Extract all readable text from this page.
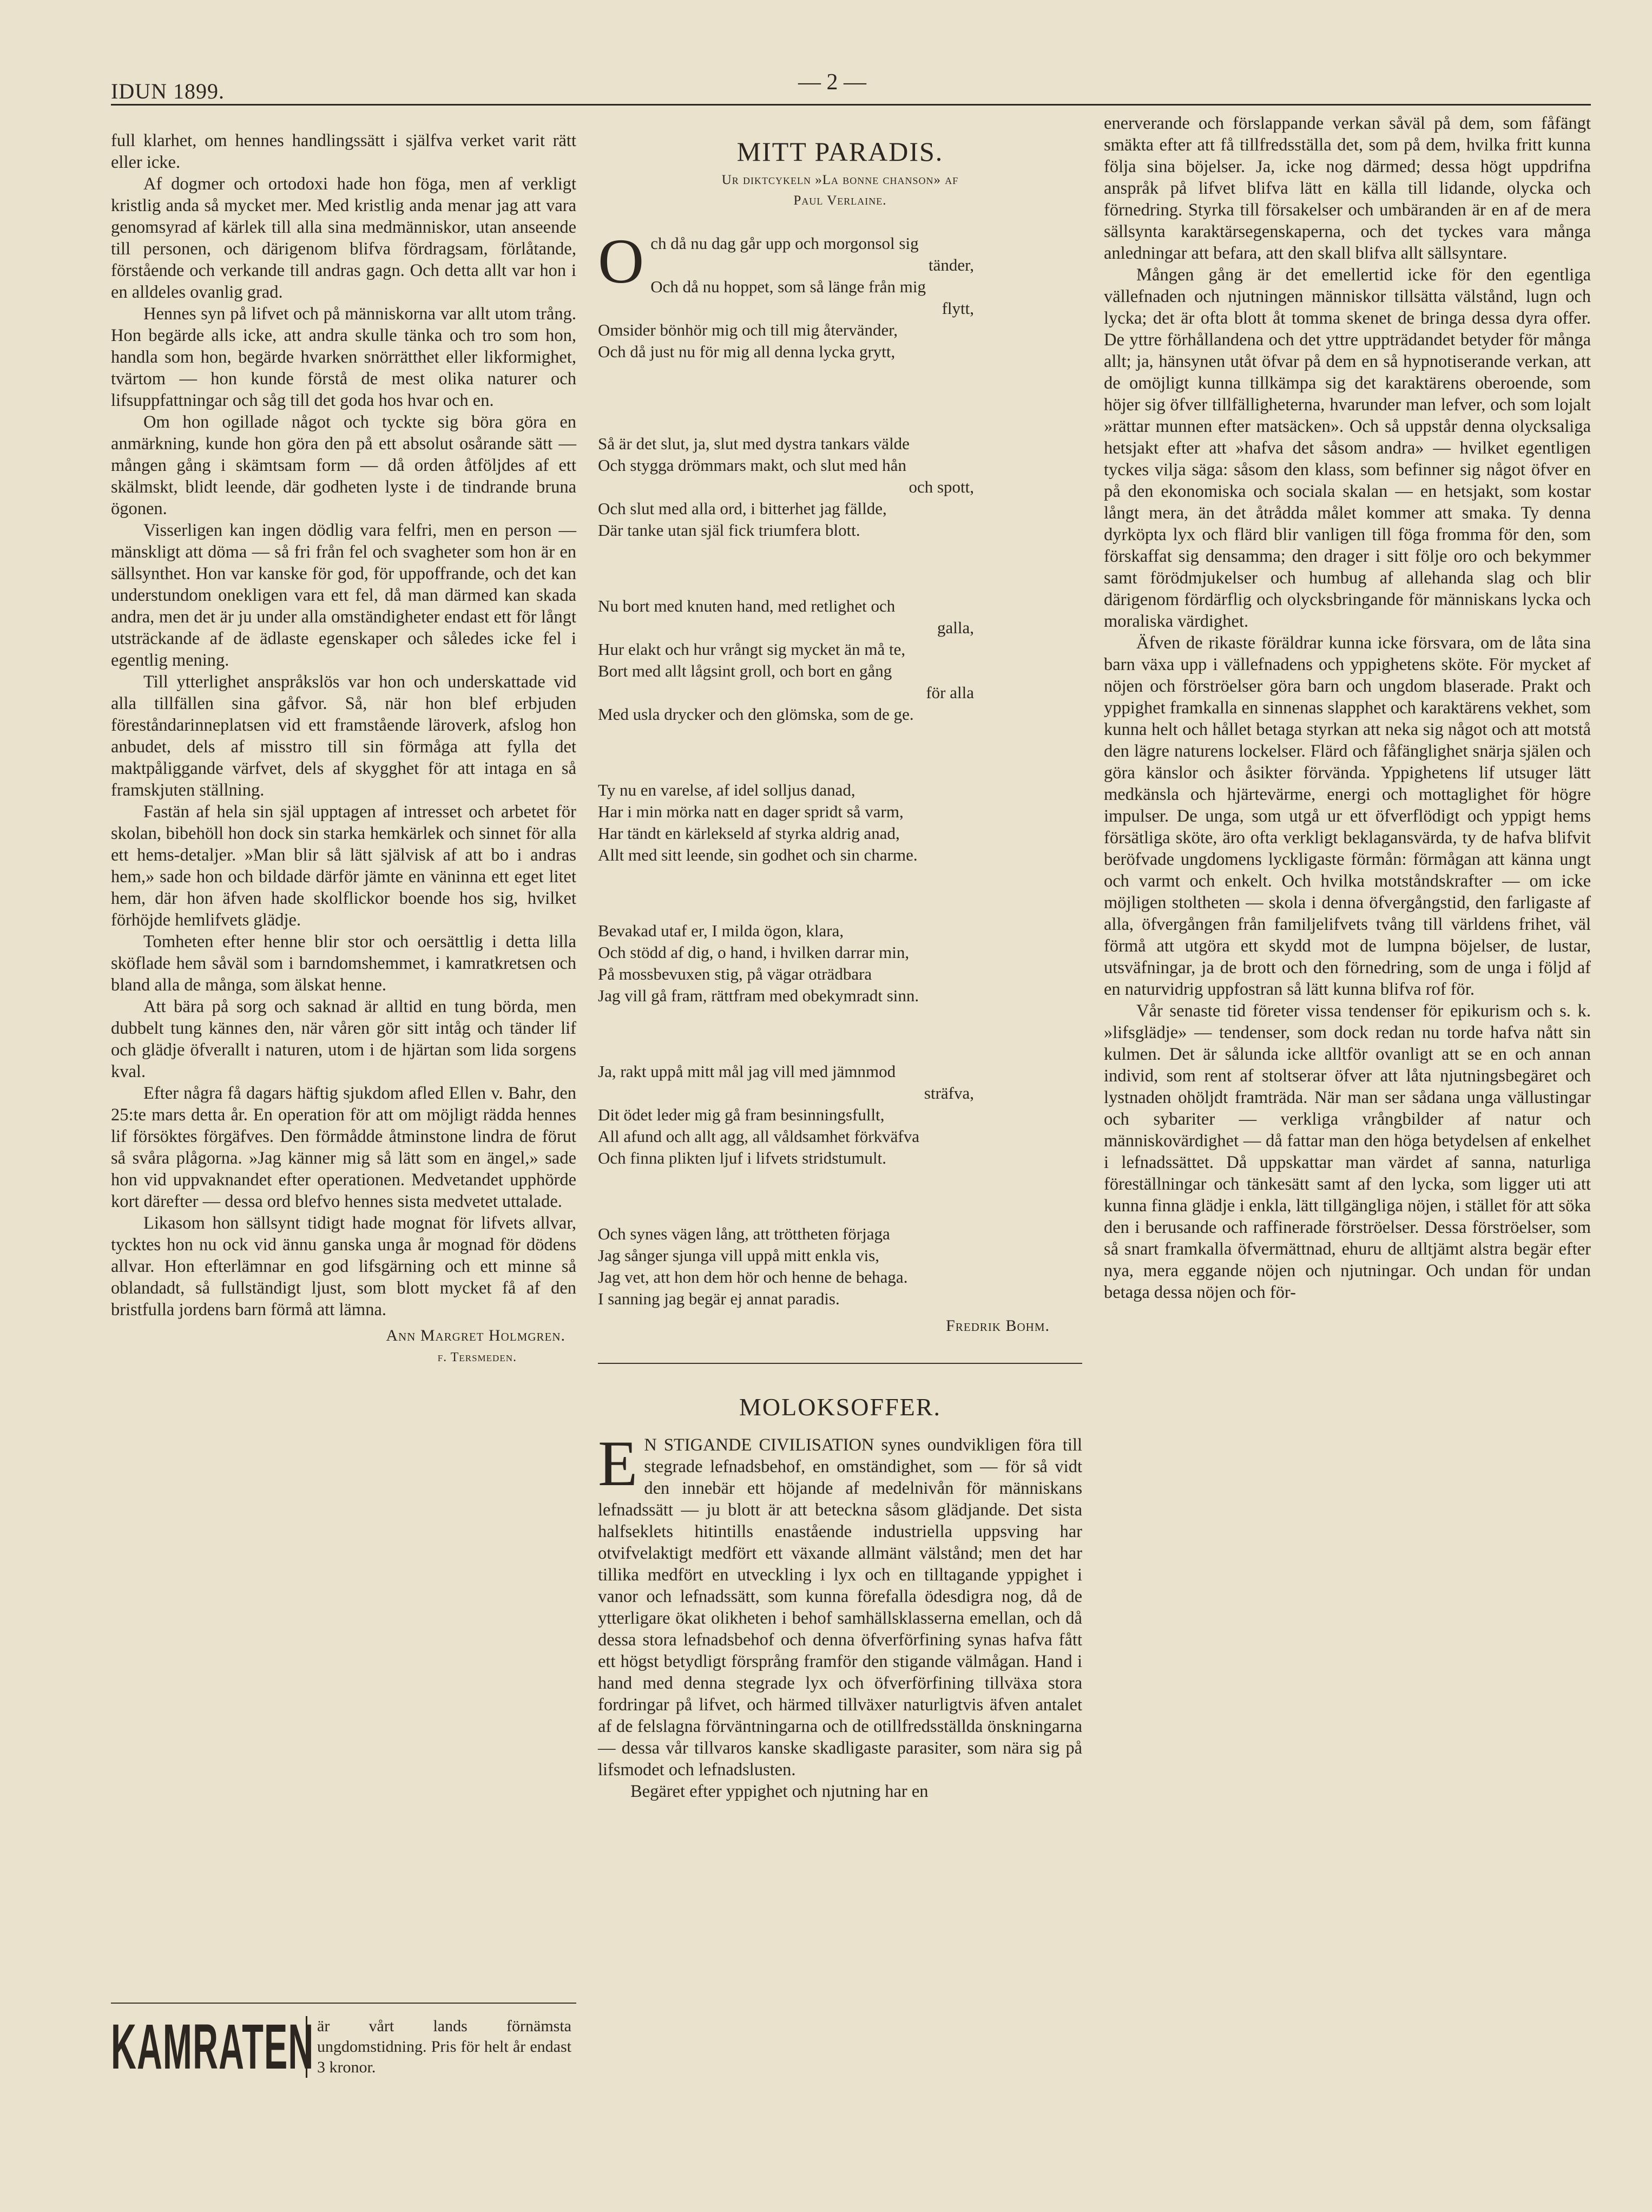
IDUN 1899.	— 2 —

full klarhet, om hennes handlingssätt i själfva verket varit rätt eller icke.

Af dogmer och ortodoxi hade hon föga, men af verkligt kristlig anda så mycket mer. Med kristlig anda menar jag att vara genomsyrad af kärlek till alla sina medmänniskor, utan anseende till personen, och därigenom blifva fördragsam, förlåtande, förstående och verkande till andras gagn. Och detta allt var hon i en alldeles ovanlig grad.

Hennes syn på lifvet och på människorna var allt utom trång. Hon begärde alls icke, att andra skulle tänka och tro som hon, handla som hon, begärde hvarken snörrätthet eller likformighet, tvärtom — hon kunde förstå de mest olika naturer och lifsuppfattningar och såg till det goda hos hvar och en.

Om hon ogillade något och tyckte sig böra göra en anmärkning, kunde hon göra den på ett absolut osårande sätt — mången gång i skämtsam form — då orden åtföljdes af ett skälmskt, blidt leende, där godheten lyste i de tindrande bruna ögonen.

Visserligen kan ingen dödlig vara felfri, men en person — mänskligt att döma — så fri från fel och svagheter som hon är en sällsynthet. Hon var kanske för god, för uppoffrande, och det kan understundom onekligen vara ett fel, då man därmed kan skada andra, men det är ju under alla omständigheter endast ett för långt utsträckande af de ädlaste egenskaper och således icke fel i egentlig mening.

Till ytterlighet anspråkslös var hon och underskattade vid alla tillfällen sina gåfvor. Så, när hon blef erbjuden föreståndarinneplatsen vid ett framstående läroverk, afslog hon anbudet, dels af misstro till sin förmåga att fylla det maktpåliggande värfvet, dels af skygghet för att intaga en så framskjuten ställning.

Fastän af hela sin själ upptagen af intresset och arbetet för skolan, bibehöll hon dock sin starka hemkärlek och sinnet för alla ett hems-detaljer. »Man blir så lätt självisk af att bo i andras hem,» sade hon och bildade därför jämte en väninna ett eget litet hem, där hon äfven hade skolflickor boende hos sig, hvilket förhöjde hemlifvets glädje.

Tomheten efter henne blir stor och oersättlig i detta lilla sköflade hem såväl som i barndomshemmet, i kamratkretsen och bland alla de många, som älskat henne.

Att bära på sorg och saknad är alltid en tung börda, men dubbelt tung kännes den, när våren gör sitt intåg och tänder lif och glädje öfverallt i naturen, utom i de hjärtan som lida sorgens kval.

Efter några få dagars häftig sjukdom afled Ellen v. Bahr, den 25:te mars detta år. En operation för att om möjligt rädda hennes lif försöktes förgäfves. Den förmådde åtminstone lindra de förut så svåra plågorna. »Jag känner mig så lätt som en ängel,» sade hon vid uppvaknandet efter operationen. Medvetandet upphörde kort därefter — dessa ord blefvo hennes sista medvetet uttalade.

Likasom hon sällsynt tidigt hade mognat för lifvets allvar, tycktes hon nu ock vid ännu ganska unga år mognad för dödens allvar. Hon efterlämnar en god lifsgärning och ett minne så oblandadt, så fullständigt ljust, som blott mycket få af den bristfulla jordens barn förmå att lämna.

Ann Margret Holmgren.
f. Tersmeden.
KAMRATEN är vårt lands förnämsta ungdomstidning. Pris för helt år endast 3 kronor.
MITT PARADIS.
Ur diktcykeln »La bonne chanson» af
Paul Verlaine.
O ch då nu dag går upp och morgonsol sig
tänder,
Och då nu hoppet, som så länge från mig
flytt,
Omsider bönhör mig och till mig återvänder,
Och då just nu för mig all denna lycka grytt,
Så är det slut, ja, slut med dystra tankars välde
Och stygga drömmars makt, och slut med hån
och spott,
Och slut med alla ord, i bitterhet jag fällde,
Där tanke utan själ fick triumfera blott.
Nu bort med knuten hand, med retlighet och
galla,
Hur elakt och hur vrångt sig mycket än må te,
Bort med allt lågsint groll, och bort en gång
för alla
Med usla drycker och den glömska, som de ge.
Ty nu en varelse, af idel solljus danad,
Har i min mörka natt en dager spridt så varm,
Har tändt en kärlekseld af styrka aldrig anad,
Allt med sitt leende, sin godhet och sin charme.
Bevakad utaf er, I milda ögon, klara,
Och stödd af dig, o hand, i hvilken darrar min,
På mossbevuxen stig, på vägar oträdbara
Jag vill gå fram, rättfram med obekymradt sinn.
Ja, rakt uppå mitt mål jag vill med jämnmod
sträfva,
Dit ödet leder mig gå fram besinningsfullt,
All afund och allt agg, all våldsamhet förkväfva
Och finna plikten ljuf i lifvets stridstumult.
Och synes vägen lång, att tröttheten förjaga
Jag sånger sjunga vill uppå mitt enkla vis,
Jag vet, att hon dem hör och henne de behaga.
I sanning jag begär ej annat paradis.
Fredrik Bohm.
MOLOKSOFFER.

E N STIGANDE CIVILISATION synes oundvikligen föra till stegrade lefnadsbehof, en omständighet, som — för så vidt den innebär ett höjande af medelnivån för människans lefnadssätt — ju blott är att beteckna såsom glädjande. Det sista halfseklets hitintills enastående industriella uppsving har otvifvelaktigt medfört ett växande allmänt välstånd; men det har tillika medfört en utveckling i lyx och en tilltagande yppighet i vanor och lefnadssätt, som kunna förefalla ödesdigra nog, då de ytterligare ökat olikheten i behof samhällsklasserna emellan, och då dessa stora lefnadsbehof och denna öfverförfining synas hafva fått ett högst betydligt försprång framför den stigande välmågan. Hand i hand med denna stegrade lyx och öfverförfining tillväxa stora fordringar på lifvet, och härmed tillväxer naturligtvis äfven antalet af de felslagna förväntningarna och de otillfredsställda önskningarna — dessa vår tillvaros kanske skadligaste parasiter, som nära sig på lifsmodet och lefnadslusten.

Begäret efter yppighet och njutning har en

enerverande och förslappande verkan såväl på dem, som fåfängt smäkta efter att få tillfredsställa det, som på dem, hvilka fritt kunna följa sina böjelser. Ja, icke nog därmed; dessa högt uppdrifna anspråk på lifvet blifva lätt en källa till lidande, olycka och förnedring. Styrka till försakelser och umbäranden är en af de mera sällsynta karaktärsegenskaperna, och det tyckes vara många anledningar att befara, att den skall blifva allt sällsyntare.

Mången gång är det emellertid icke för den egentliga vällefnaden och njutningen människor tillsätta välstånd, lugn och lycka; det är ofta blott åt tomma skenet de bringa dessa dyra offer. De yttre förhållandena och det yttre uppträdandet betyder för många allt; ja, hänsynen utåt öfvar på dem en så hypnotiserande verkan, att de omöjligt kunna tillkämpa sig det karaktärens oberoende, som höjer sig öfver tillfälligheterna, hvarunder man lefver, och som lojalt »rättar munnen efter matsäcken». Och så uppstår denna olycksaliga hetsjakt efter att »hafva det såsom andra» — hvilket egentligen tyckes vilja säga: såsom den klass, som befinner sig något öfver en på den ekonomiska och sociala skalan — en hetsjakt, som kostar långt mera, än det åtrådda målet kommer att smaka. Ty denna dyrköpta lyx och flärd blir vanligen till föga fromma för den, som förskaffat sig densamma; den drager i sitt följe oro och bekymmer samt förödmjukelser och humbug af allehanda slag och blir därigenom fördärflig och olycksbringande för människans lycka och moraliska värdighet.

Äfven de rikaste föräldrar kunna icke försvara, om de låta sina barn växa upp i vällefnadens och yppighetens sköte. För mycket af nöjen och förströelser göra barn och ungdom blaserade. Prakt och yppighet framkalla en sinnenas slapphet och karaktärens vekhet, som kunna helt och hållet betaga styrkan att neka sig något och att motstå den lägre naturens lockelser. Flärd och fåfänglighet snärja själen och göra känslor och åsikter förvända. Yppighetens lif utsuger lätt medkänsla och hjärtevärme, energi och mottaglighet för högre impulser. De unga, som utgå ur ett öfverflödigt och yppigt hems försätliga sköte, äro ofta verkligt beklagansvärda, ty de hafva blifvit beröfvade ungdomens lyckligaste förmån: förmågan att känna ungt och varmt och enkelt. Och hvilka motståndskrafter — om icke möjligen stoltheten — skola i denna öfvergångstid, den farligaste af alla, öfvergången från familjelifvets tvång till världens frihet, väl förmå att utgöra ett skydd mot de lumpna böjelser, de lustar, utsväfningar, ja de brott och den förnedring, som de unga i följd af en naturvidrig uppfostran så lätt kunna blifva rof för.

Vår senaste tid företer vissa tendenser för epikurism och s. k. »lifsglädje» — tendenser, som dock redan nu torde hafva nått sin kulmen. Det är sålunda icke alltför ovanligt att se en och annan individ, som rent af stoltserar öfver att låta njutningsbegäret och lystnaden ohöljdt framträda. När man ser sådana unga vällustingar och sybariter — verkliga vrångbilder af natur och människovärdighet — då fattar man den höga betydelsen af enkelhet i lefnadssättet. Då uppskattar man värdet af sanna, naturliga föreställningar och tänkesätt samt af den lycka, som ligger uti att kunna finna glädje i enkla, lätt tillgängliga nöjen, i stället för att söka den i berusande och raffinerade förströelser. Dessa förströelser, som så snart framkalla öfvermättnad, ehuru de alltjämt alstra begär efter nya, mera eggande nöjen och njutningar. Och undan för undan betaga dessa nöjen och för-
